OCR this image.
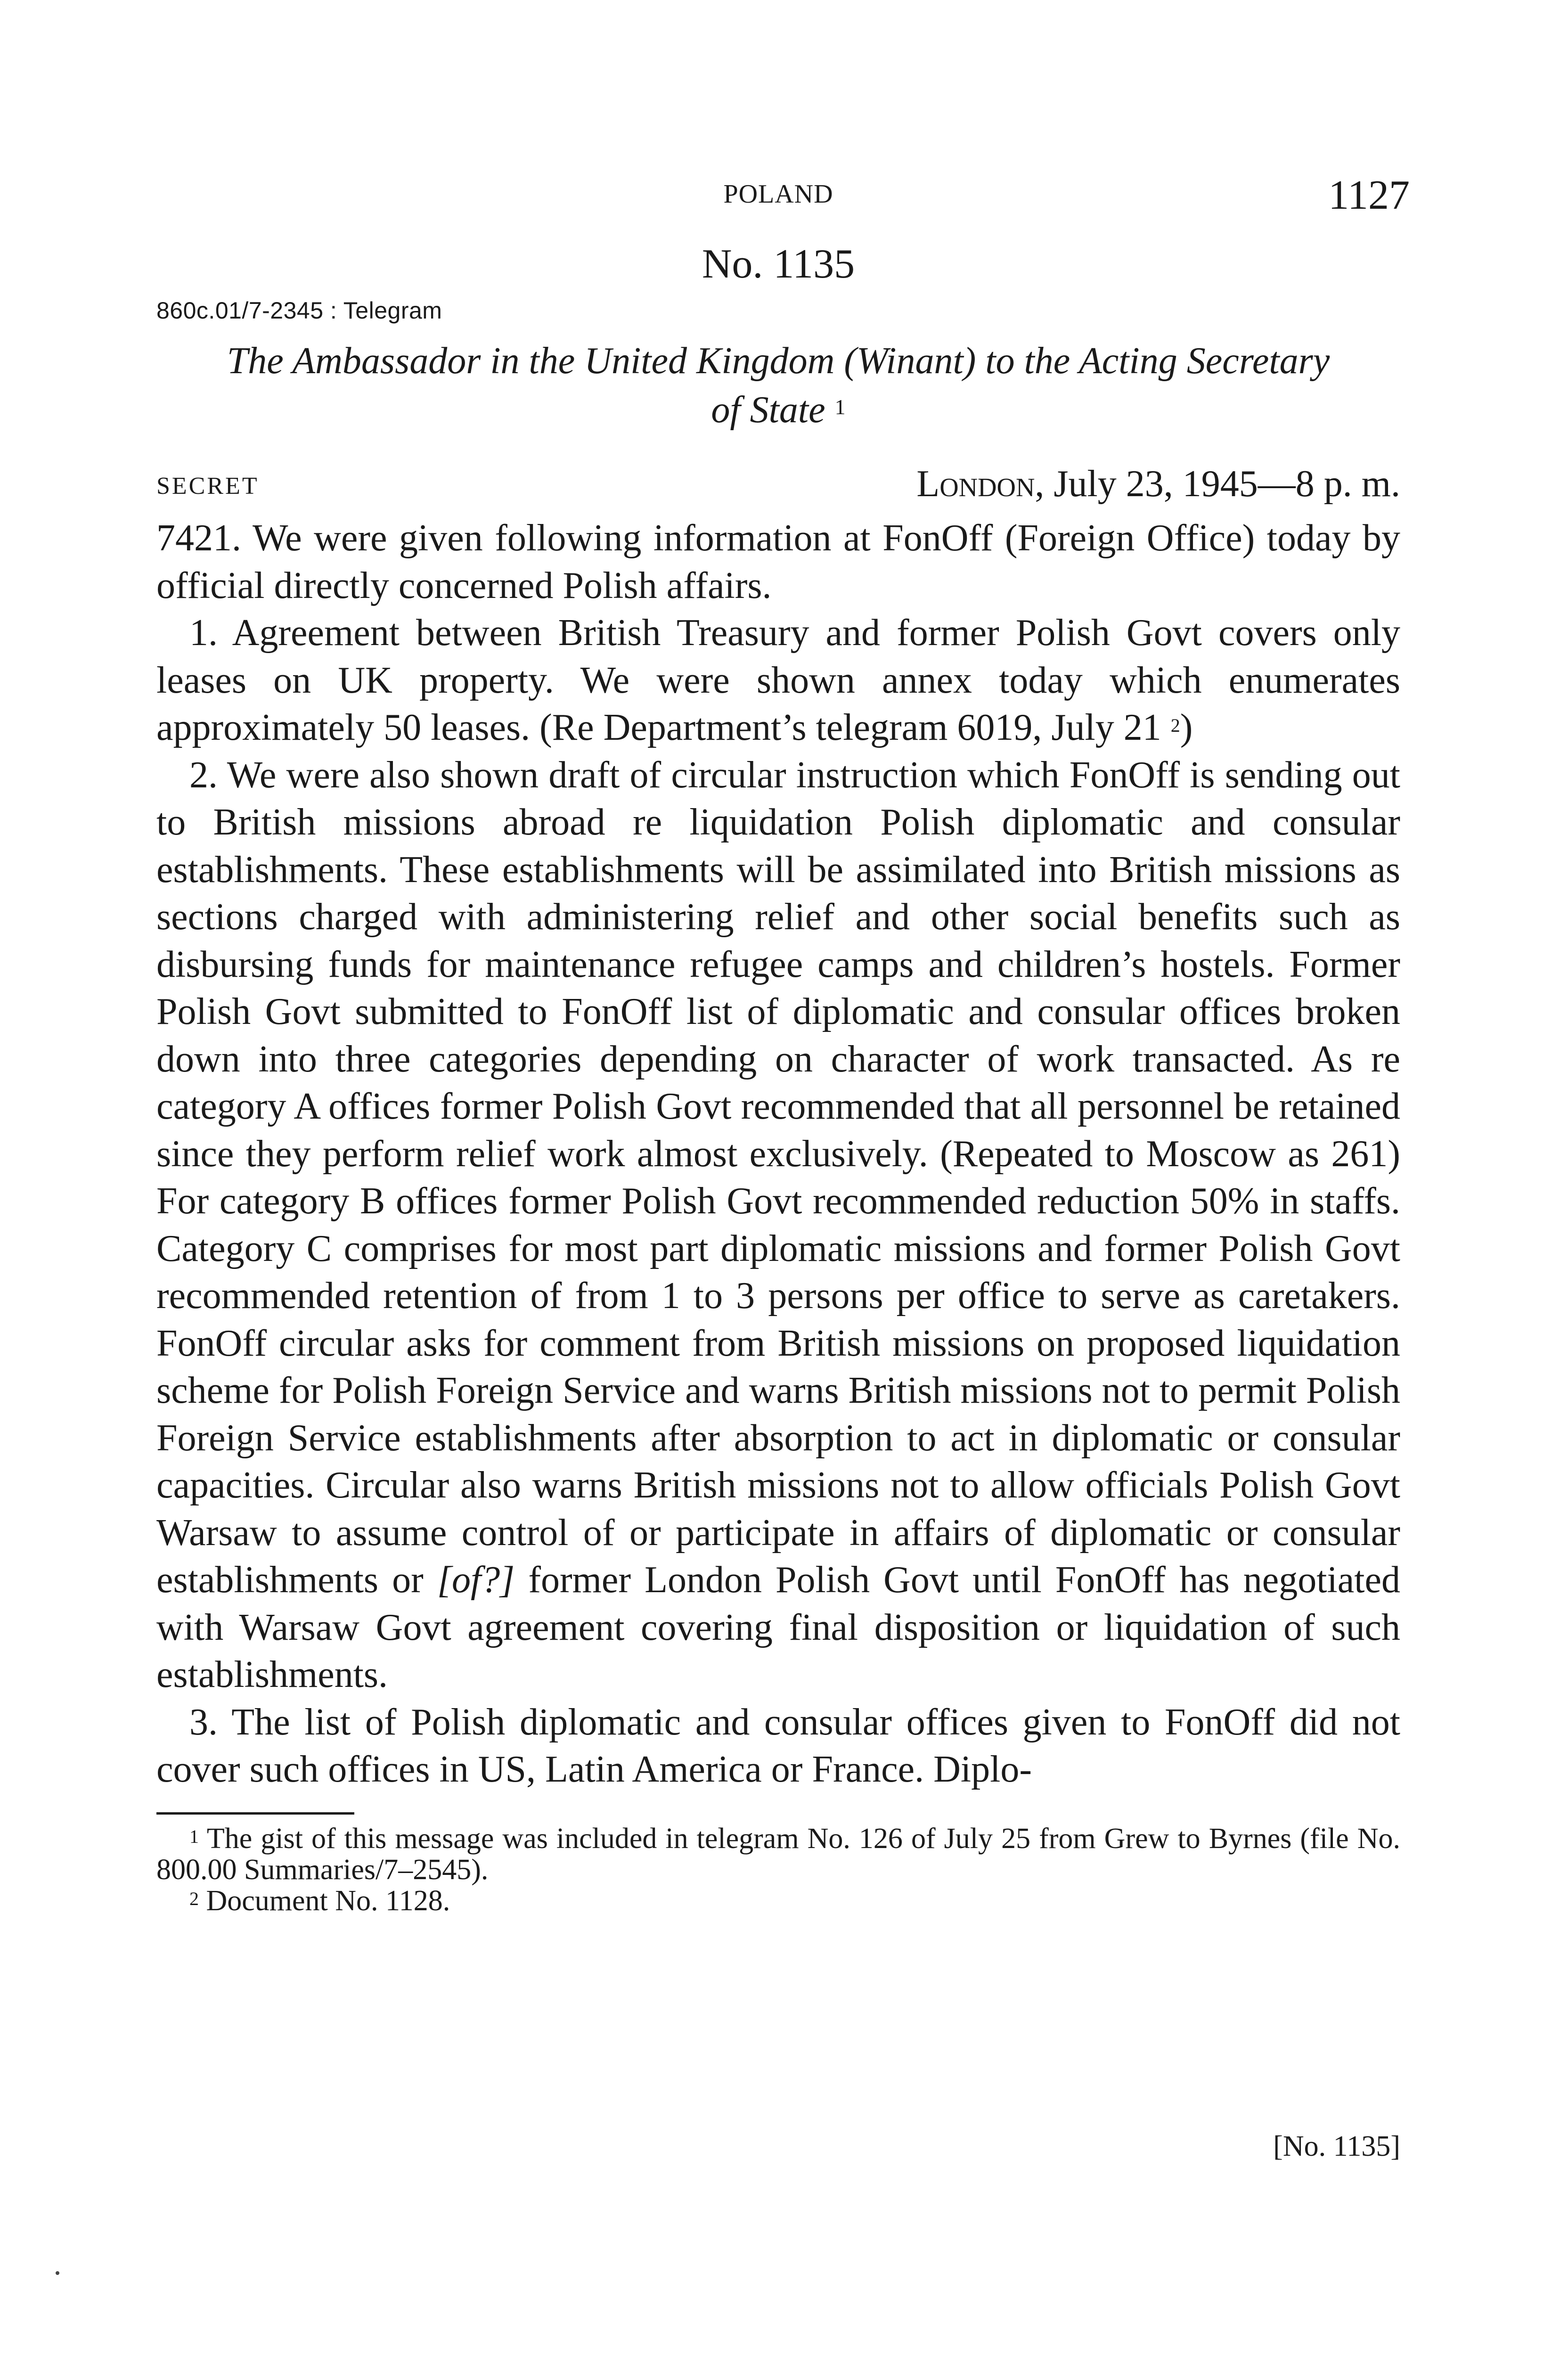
POLAND	1127
No. 1135
860c.01/7-2345 : Telegram
The Ambassador in the United Kingdom (Winant) to the Acting Secretary
of State $^1$
SECRET	London, July 23, 1945—8 p. m.

7421. We were given following information at FonOff (Foreign Office) today by official directly concerned Polish affairs.

1. Agreement between British Treasury and former Polish Govt covers only leases on UK property. We were shown annex today which enumerates approximately 50 leases. (Re Department’s telegram 6019, July 21 $^2$)

2. We were also shown draft of circular instruction which FonOff is sending out to British missions abroad re liquidation Polish diplomatic and consular establishments. These establishments will be assimilated into British missions as sections charged with administering relief and other social benefits such as disbursing funds for maintenance refugee camps and children’s hostels. Former Polish Govt submitted to FonOff list of diplomatic and consular offices broken down into three categories depending on character of work transacted. As re category A offices former Polish Govt recommended that all personnel be retained since they perform relief work almost exclusively. (Repeated to Moscow as 261) For category B offices former Polish Govt recommended reduction 50% in staffs. Category C comprises for most part diplomatic missions and former Polish Govt recommended retention of from 1 to 3 persons per office to serve as caretakers. FonOff circular asks for comment from British missions on proposed liquidation scheme for Polish Foreign Service and warns British missions not to permit Polish Foreign Service establishments after absorption to act in diplomatic or consular capacities. Circular also warns British missions not to allow officials Polish Govt Warsaw to assume control of or participate in affairs of diplomatic or consular establishments or [of?] former London Polish Govt until FonOff has negotiated with Warsaw Govt agreement covering final disposition or liquidation of such establishments.

3. The list of Polish diplomatic and consular offices given to FonOff did not cover such offices in US, Latin America or France. Diplo-

$^1$ The gist of this message was included in telegram No. 126 of July 25 from Grew to Byrnes (file No. 800.00 Summaries/7–2545).

$^2$ Document No. 1128.

[No. 1135]
